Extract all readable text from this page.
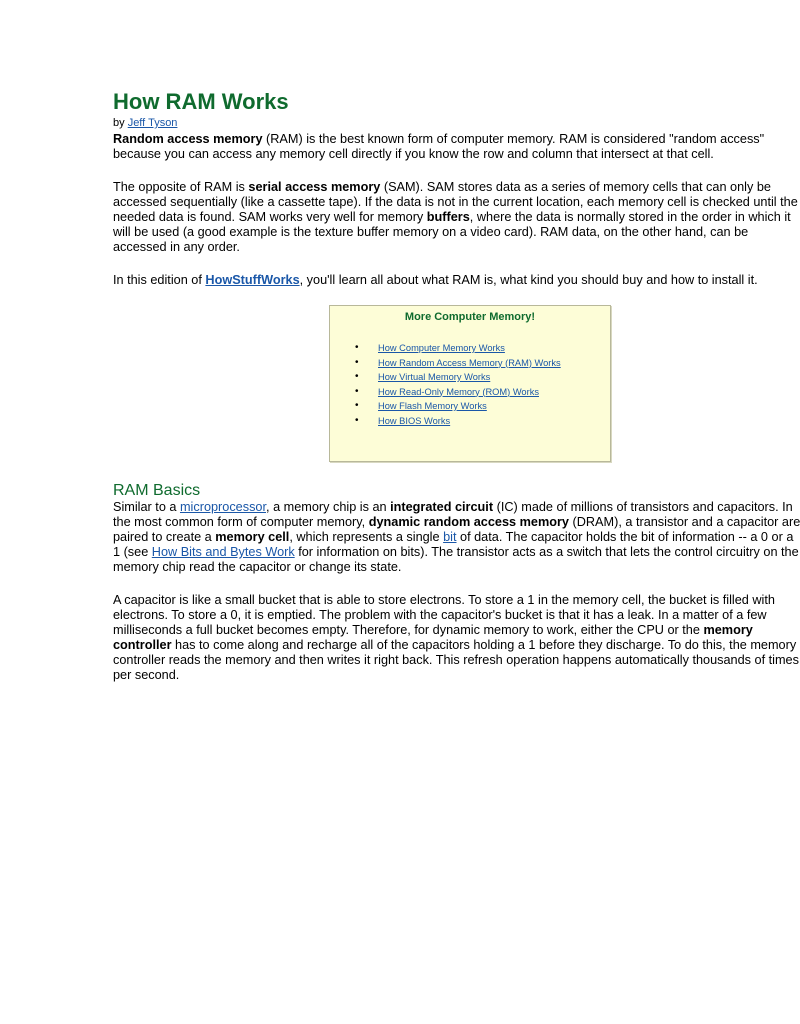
How RAM Works
by Jeff Tyson

Random access memory (RAM) is the best known form of computer memory. RAM is considered "random access"
because you can access any memory cell directly if you know the row and column that intersect at that cell.

The opposite of RAM is serial access memory (SAM). SAM stores data as a series of memory cells that can only be
accessed sequentially (like a cassette tape). If the data is not in the current location, each memory cell is checked until the
needed data is found. SAM works very well for memory buffers, where the data is normally stored in the order in which it
will be used (a good example is the texture buffer memory on a video card). RAM data, on the other hand, can be
accessed in any order.

In this edition of HowStuffWorks, you'll learn all about what RAM is, what kind you should buy and how to install it.

More Computer Memory!
• How Computer Memory Works
• How Random Access Memory (RAM) Works
• How Virtual Memory Works
• How Read-Only Memory (ROM) Works
• How Flash Memory Works
• How BIOS Works
RAM Basics

Similar to a microprocessor, a memory chip is an integrated circuit (IC) made of millions of transistors and capacitors. In
the most common form of computer memory, dynamic random access memory (DRAM), a transistor and a capacitor are
paired to create a memory cell, which represents a single bit of data. The capacitor holds the bit of information -- a 0 or a
1 (see How Bits and Bytes Work for information on bits). The transistor acts as a switch that lets the control circuitry on the
memory chip read the capacitor or change its state.

A capacitor is like a small bucket that is able to store electrons. To store a 1 in the memory cell, the bucket is filled with
electrons. To store a 0, it is emptied. The problem with the capacitor's bucket is that it has a leak. In a matter of a few
milliseconds a full bucket becomes empty. Therefore, for dynamic memory to work, either the CPU or the memory
controller has to come along and recharge all of the capacitors holding a 1 before they discharge. To do this, the memory
controller reads the memory and then writes it right back. This refresh operation happens automatically thousands of times
per second.
